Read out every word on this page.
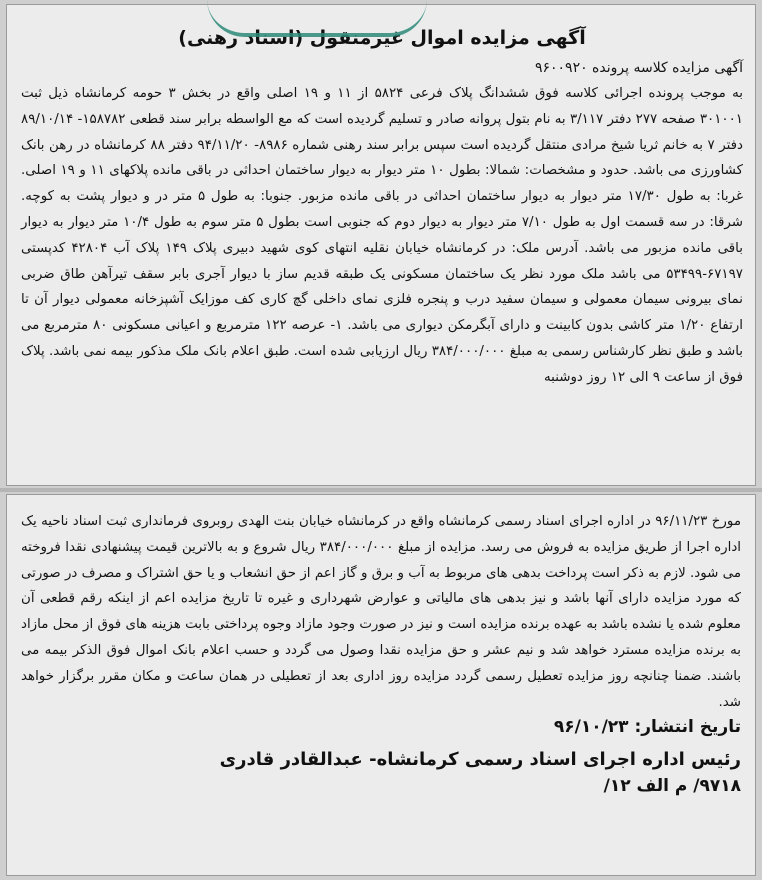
آگهی مزایده اموال غیرمنقول (اسناد رهنی)

آگهی مزایده کلاسه پرونده ۹۶۰۰۹۲۰

به موجب پرونده اجرائی کلاسه فوق ششدانگ پلاک فرعی ۵۸۲۴ از ۱۱ و ۱۹ اصلی واقع در بخش ۳ حومه کرمانشاه ذیل ثبت ۳۰۱۰۰۱ صفحه ۲۷۷ دفتر ۳/۱۱۷ به نام بتول پروانه صادر و تسلیم گردیده است که مع الواسطه برابر سند قطعی ۱۵۸۷۸۲- ۸۹/۱۰/۱۴ دفتر ۷ به خانم ثریا شیخ مرادی منتقل گردیده است سپس برابر سند رهنی شماره ۸۹۸۶- ۹۴/۱۱/۲۰ دفتر ۸۸ کرمانشاه در رهن بانک کشاورزی می باشد. حدود و مشخصات: شمالا: بطول ۱۰ متر دیوار به دیوار ساختمان احداثی در باقی مانده پلاکهای ۱۱ و ۱۹ اصلی. غربا: به طول ۱۷/۳۰ متر دیوار به دیوار ساختمان احداثی در باقی مانده مزبور. جنوبا: به طول ۵ متر در و دیوار پشت به کوچه. شرقا: در سه قسمت اول به طول ۷/۱۰ متر دیوار به دیوار دوم که جنوبی است بطول ۵ متر سوم به طول ۱۰/۴ متر دیوار به دیوار باقی مانده مزبور می باشد. آدرس ملک: در کرمانشاه خیابان نقلیه انتهای کوی شهید دبیری پلاک ۱۴۹ پلاک آب ۴۲۸۰۴ کدپستی ۶۷۱۹۷-۵۳۴۹۹ می باشد ملک مورد نظر یک ساختمان مسکونی یک طبقه قدیم ساز با دیوار آجری بابر سقف تیرآهن طاق ضربی نمای بیرونی سیمان معمولی و سیمان سفید درب و پنجره فلزی نمای داخلی گچ کاری کف موزایک آشپزخانه معمولی دیوار آن تا ارتفاع ۱/۲۰ متر کاشی بدون کابینت و دارای آبگرمکن دیواری می باشد. ۱- عرصه ۱۲۲ مترمربع و اعیانی مسکونی ۸۰ مترمربع می باشد و طبق نظر کارشناس رسمی به مبلغ ۳۸۴/۰۰۰/۰۰۰ ریال ارزیابی شده است. طبق اعلام بانک ملک مذکور بیمه نمی باشد. پلاک فوق از ساعت ۹ الی ۱۲ روز دوشنبه

مورخ ۹۶/۱۱/۲۳ در اداره اجرای اسناد رسمی کرمانشاه واقع در کرمانشاه خیابان بنت الهدی روبروی فرمانداری ثبت اسناد ناحیه یک اداره اجرا از طریق مزایده به فروش می رسد. مزایده از مبلغ ۳۸۴/۰۰۰/۰۰۰ ریال شروع و به بالاترین قیمت پیشنهادی نقدا فروخته می شود. لازم به ذکر است پرداخت بدهی های مربوط به آب و برق و گاز اعم از حق انشعاب و یا حق اشتراک و مصرف در صورتی که مورد مزایده دارای آنها باشد و نیز بدهی های مالیاتی و عوارض شهرداری و غیره تا تاریخ مزایده اعم از اینکه رقم قطعی آن معلوم شده یا نشده باشد به عهده برنده مزایده است و نیز در صورت وجود مازاد وجوه پرداختی بابت هزینه های فوق از محل مازاد به برنده مزایده مسترد خواهد شد و نیم عشر و حق مزایده نقدا وصول می گردد و حسب اعلام بانک اموال فوق الذکر بیمه می باشند. ضمنا چنانچه روز مزایده تعطیل رسمی گردد مزایده روز اداری بعد از تعطیلی در همان ساعت و مکان مقرر برگزار خواهد شد.

تاریخ انتشار: ۹۶/۱۰/۲۳
رئیس اداره اجرای اسناد رسمی کرمانشاه- عبدالقادر قادری
۹۷۱۸/ م الف ۱۲/
